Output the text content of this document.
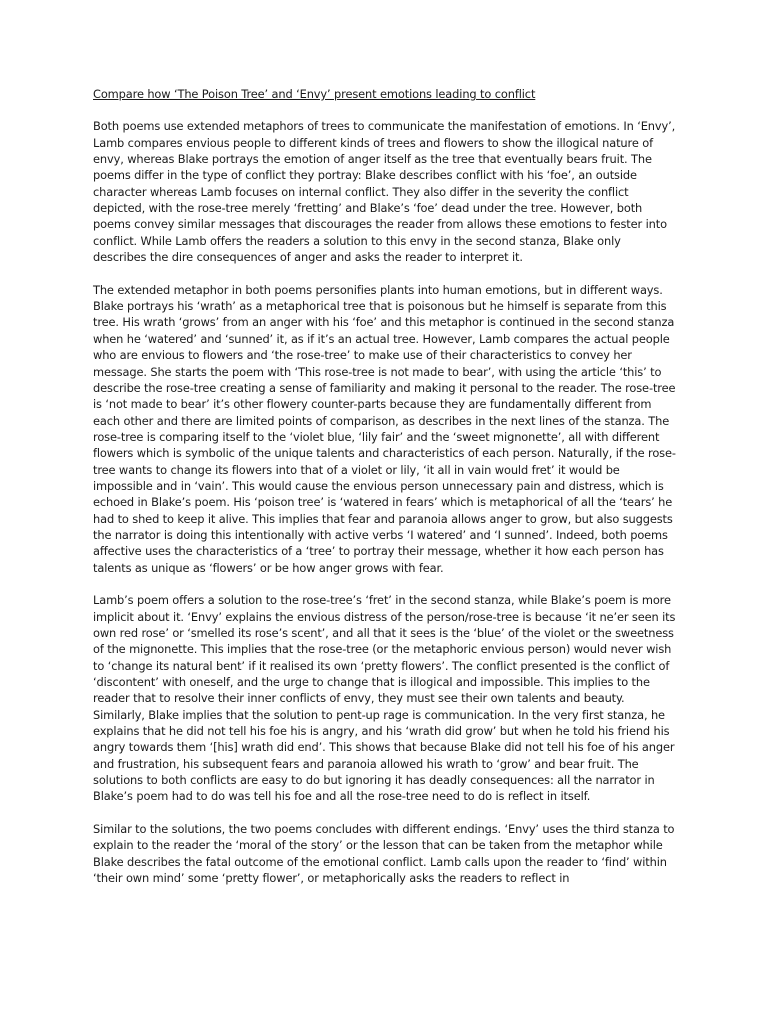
Compare how ‘The Poison Tree’ and ‘Envy’ present emotions leading to conflict

Both poems use extended metaphors of trees to communicate the manifestation of emotions. In ‘Envy’, Lamb compares envious people to different kinds of trees and flowers to show the illogical nature of envy, whereas Blake portrays the emotion of anger itself as the tree that eventually bears fruit. The poems differ in the type of conflict they portray: Blake describes conflict with his ‘foe’, an outside character whereas Lamb focuses on internal conflict. They also differ in the severity the conflict depicted, with the rose-tree merely ‘fretting’ and Blake’s ‘foe’ dead under the tree. However, both poems convey similar messages that discourages the reader from allows these emotions to fester into conflict. While Lamb offers the readers a solution to this envy in the second stanza, Blake only describes the dire consequences of anger and asks the reader to interpret it.

The extended metaphor in both poems personifies plants into human emotions, but in different ways. Blake portrays his ‘wrath’ as a metaphorical tree that is poisonous but he himself is separate from this tree. His wrath ‘grows’ from an anger with his ‘foe’ and this metaphor is continued in the second stanza when he ‘watered’ and ‘sunned’ it, as if it’s an actual tree. However, Lamb compares the actual people who are envious to flowers and ‘the rose-tree’ to make use of their characteristics to convey her message. She starts the poem with ‘This rose-tree is not made to bear’, with using the article ‘this’ to describe the rose-tree creating a sense of familiarity and making it personal to the reader. The rose-tree is ‘not made to bear’ it’s other flowery counter-parts because they are fundamentally different from each other and there are limited points of comparison, as describes in the next lines of the stanza. The rose-tree is comparing itself to the ‘violet blue, ‘lily fair’ and the ‘sweet mignonette’, all with different flowers which is symbolic of the unique talents and characteristics of each person. Naturally, if the rose-tree wants to change its flowers into that of a violet or lily, ‘it all in vain would fret’ it would be impossible and in ‘vain’. This would cause the envious person unnecessary pain and distress, which is echoed in Blake’s poem. His ‘poison tree’ is ‘watered in fears’ which is metaphorical of all the ‘tears’ he had to shed to keep it alive. This implies that fear and paranoia allows anger to grow, but also suggests the narrator is doing this intentionally with active verbs ‘I watered’ and ‘I sunned’. Indeed, both poems affective uses the characteristics of a ‘tree’ to portray their message, whether it how each person has talents as unique as ‘flowers’ or be how anger grows with fear.

Lamb’s poem offers a solution to the rose-tree’s ‘fret’ in the second stanza, while Blake’s poem is more implicit about it. ‘Envy’ explains the envious distress of the person/rose-tree is because ‘it ne’er seen its own red rose’ or ‘smelled its rose’s scent’, and all that it sees is the ‘blue’ of the violet or the sweetness of the mignonette. This implies that the rose-tree (or the metaphoric envious person) would never wish to ‘change its natural bent’ if it realised its own ‘pretty flowers’. The conflict presented is the conflict of ‘discontent’ with oneself, and the urge to change that is illogical and impossible. This implies to the reader that to resolve their inner conflicts of envy, they must see their own talents and beauty. Similarly, Blake implies that the solution to pent-up rage is communication. In the very first stanza, he explains that he did not tell his foe his is angry, and his ‘wrath did grow’ but when he told his friend his angry towards them ‘[his] wrath did end’. This shows that because Blake did not tell his foe of his anger and frustration, his subsequent fears and paranoia allowed his wrath to ‘grow’ and bear fruit. The solutions to both conflicts are easy to do but ignoring it has deadly consequences: all the narrator in Blake’s poem had to do was tell his foe and all the rose-tree need to do is reflect in itself.

Similar to the solutions, the two poems concludes with different endings. ‘Envy’ uses the third stanza to explain to the reader the ‘moral of the story’ or the lesson that can be taken from the metaphor while Blake describes the fatal outcome of the emotional conflict. Lamb calls upon the reader to ‘find’ within ‘their own mind’ some ‘pretty flower’, or metaphorically asks the readers to reflect in
